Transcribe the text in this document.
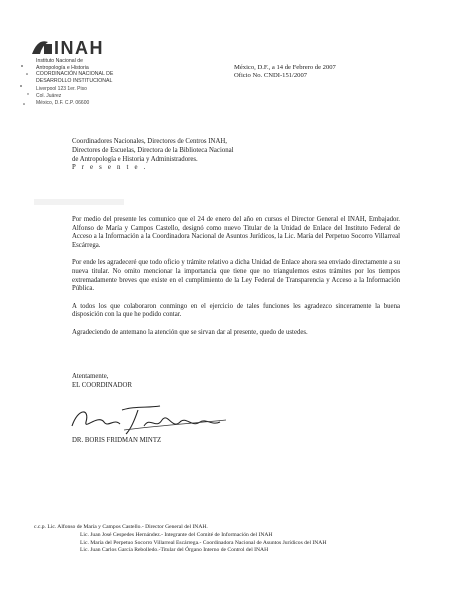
INAH
Instituto Nacional de
Antropología e Historia
COORDINACIÓN NACIONAL DE
DESARROLLO INSTITUCIONAL
Liverpool 123 1er. Piso
Col. Juárez
México, D.F. C.P. 06600
México, D.F., a 14 de Febrero de 2007
Oficio No. CNDI-151/2007
Coordinadores Nacionales, Directores de Centros INAH,
Directores de Escuelas, Directora de la Biblioteca Nacional
de Antropología e Historia y Administradores.
P r e s e n t e .

Por medio del presente les comunico que el 24 de enero del año en cursos el Director General el INAH, Embajador. Alfonso de María y Campos Castello, designó como nuevo Titular de la Unidad de Enlace del Instituto Federal de Acceso a la Información a la Coordinadora Nacional de Asuntos Jurídicos, la Lic. María del Perpetuo Socorro Villarreal Escárrega.

Por ende les agradeceré que todo oficio y trámite relativo a dicha Unidad de Enlace ahora sea enviado directamente a su nueva titular. No omito mencionar la importancia que tiene que no triangulemos estos trámites por los tiempos extremadamente breves que existe en el cumplimiento de la Ley Federal de Transparencia y Acceso a la Información Pública.

A todos los que colaboraron conmingo en el ejercicio de tales funciones les agradezco sinceramente la buena disposición con la que he podido contar.

Agradeciendo de antemano la atención que se sirvan dar al presente, quedo de ustedes.

Atentamente,
EL COORDINADOR
DR. BORIS FRIDMAN MINTZ
c.c.p. Lic. Alfonso de María y Campos Castello.- Director General del INAH.
Lic. Juan José Cespedes Hernández.- Integrante del Comité de Información del INAH
Lic. María del Perpetuo Socorro Villarreal Escárrega.- Coordinadora Nacional de Asuntos Jurídicos del INAH
Lic. Juan Carlos García Rebolledo.-Titular del Órgano Interno de Control del INAH
